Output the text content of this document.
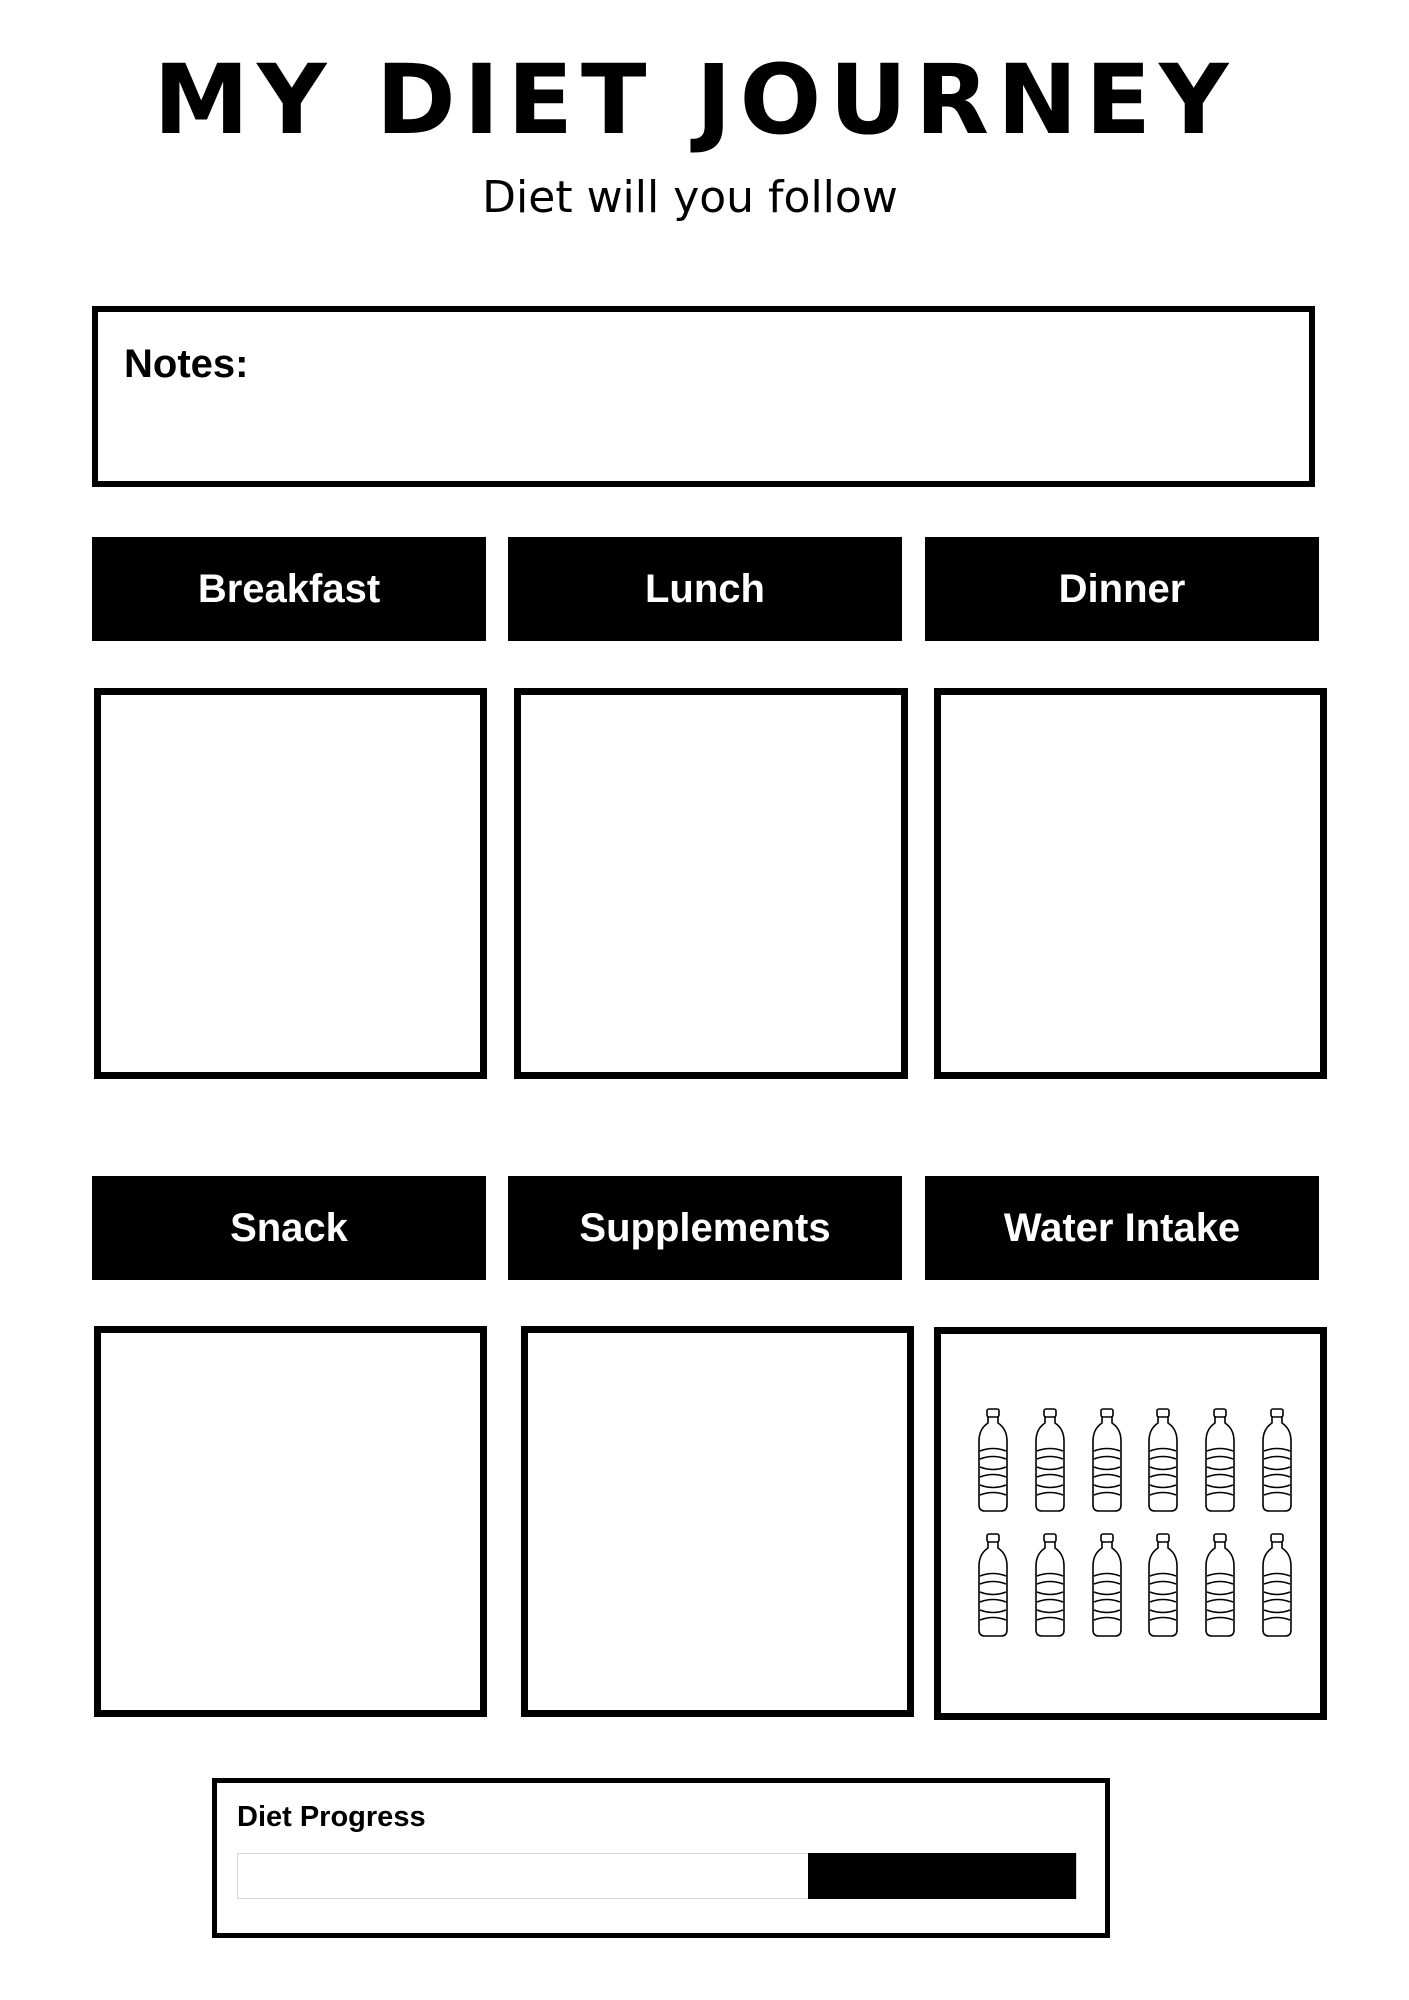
MY DIET JOURNEY
Diet will you follow
Notes:
Breakfast	Lunch	Dinner
Snack	Supplements	Water Intake
Diet Progress
